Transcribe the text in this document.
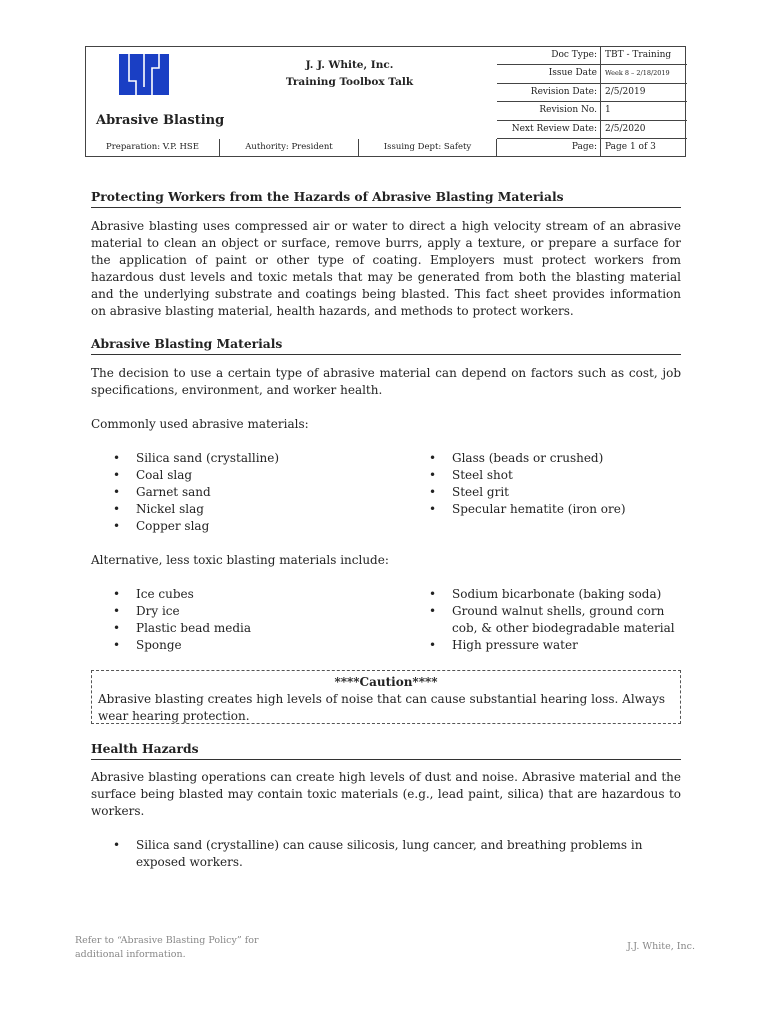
J. J. White, Inc.
Training Toolbox Talk
Abrasive Blasting
Doc Type: TBT - Training
Issue Date	Week 8 – 2/18/2019
Revision Date: 2/5/2019
Revision No. 1
Next Review Date: 2/5/2020
Page: Page 1 of 3
Preparation: V.P. HSE	Authority: President	Issuing Dept: Safety
Protecting Workers from the Hazards of Abrasive Blasting Materials
Abrasive blasting uses compressed air or water to direct a high velocity stream of an abrasive material to clean an object or surface, remove burrs, apply a texture, or prepare a surface for the application of paint or other type of coating. Employers must protect workers from hazardous dust levels and toxic metals that may be generated from both the blasting material and the underlying substrate and coatings being blasted. This fact sheet provides information on abrasive blasting material, health hazards, and methods to protect workers.
Abrasive Blasting Materials
The decision to use a certain type of abrasive material can depend on factors such as cost, job specifications, environment, and worker health.
Commonly used abrasive materials:
• Silica sand (crystalline)
• Coal slag
• Garnet sand
• Nickel slag
• Copper slag
• Glass (beads or crushed)
• Steel shot
• Steel grit
• Specular hematite (iron ore)
Alternative, less toxic blasting materials include:
• Ice cubes
• Dry ice
• Plastic bead media
• Sponge
• Sodium bicarbonate (baking soda)
• Ground walnut shells, ground corn cob, & other biodegradable material
• High pressure water
****Caution****
Abrasive blasting creates high levels of noise that can cause substantial hearing loss. Always wear hearing protection.
Health Hazards
Abrasive blasting operations can create high levels of dust and noise. Abrasive material and the surface being blasted may contain toxic materials (e.g., lead paint, silica) that are hazardous to workers.
• Silica sand (crystalline) can cause silicosis, lung cancer, and breathing problems in exposed workers.
Refer to “Abrasive Blasting Policy” for
additional information.
J.J. White, Inc.
